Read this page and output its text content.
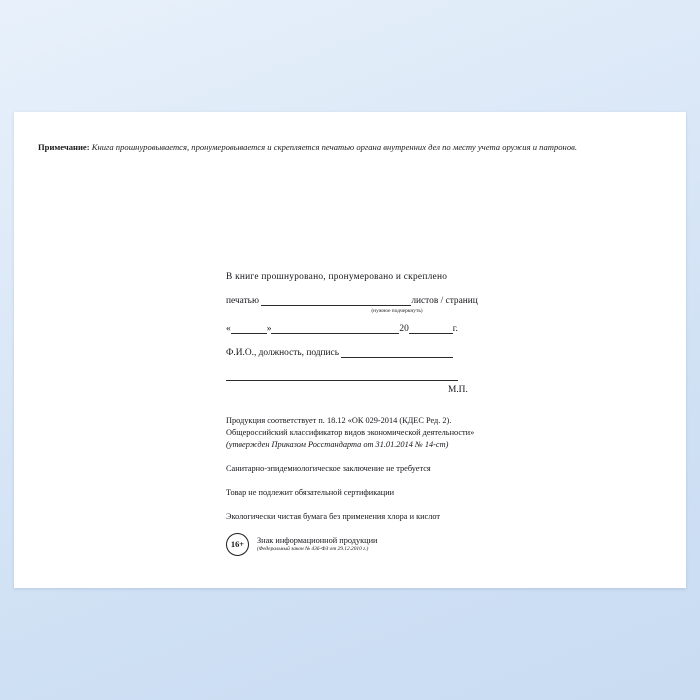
Примечание: Книга прошнуровывается, пронумеровывается и скрепляется печатью органа внутренних дел по месту учета оружия и патронов.
В книге прошнуровано, пронумеровано и скреплено
печатью	листов / страниц
(нужное подчеркнуть)
«	»	20	г.
Ф.И.О., должность, подпись
М.П.
Продукция соответствует п. 18.12 «ОК 029-2014 (КДЕС Ред. 2).
Общероссийский классификатор видов экономической деятельности»
(утвержден Приказом Росстандарта от 31.01.2014 № 14-ст)
Санитарно-эпидемиологическое заключение не требуется
Товар не подлежит обязательной сертификации
Экологически чистая бумага без применения хлора и кислот
16+	Знак информационной продукции
(Федеральный закон № 436-ФЗ от 29.12.2010 г.)
